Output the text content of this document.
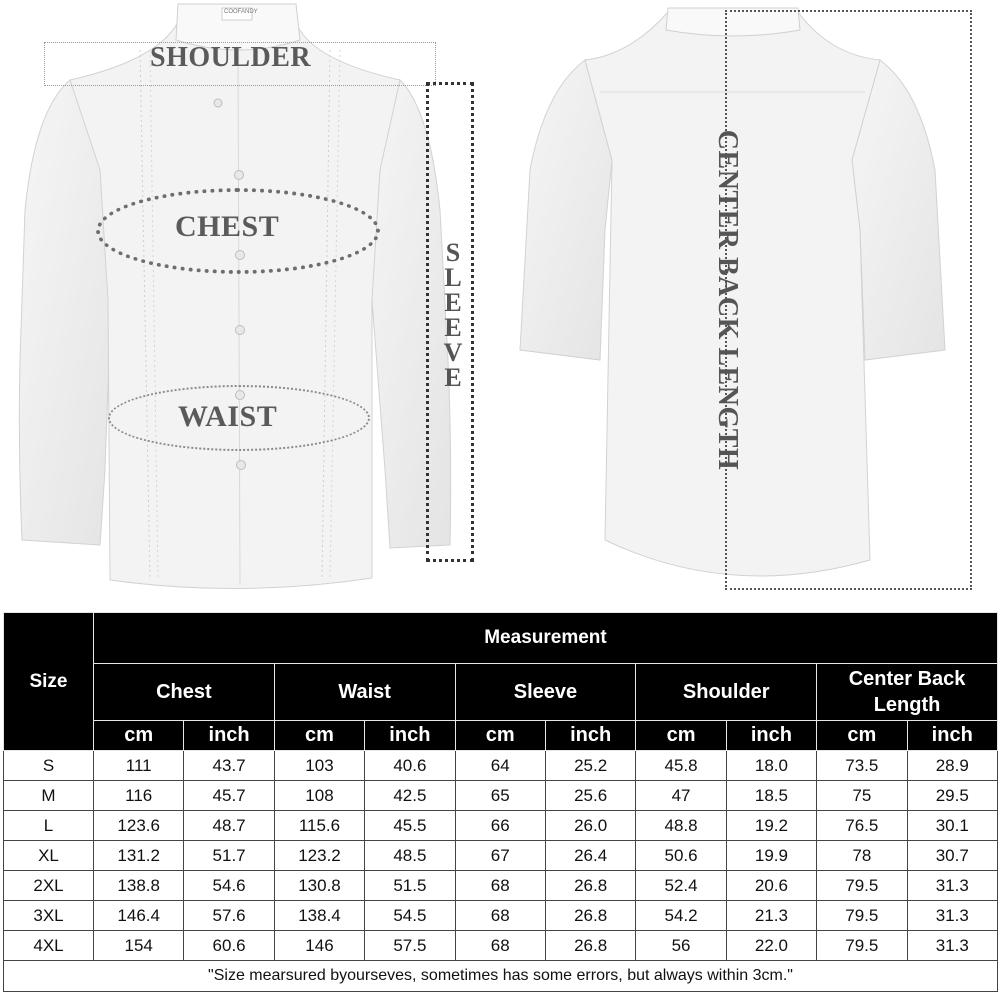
COOFANDY
SHOULDER
CHEST
WAIST
SLEEVE	CENTER BACK LENGTH
Size	Measurement									
	Chest		Waist		Sleeve		Shoulder		Center Back Length	
	cm	inch	cm	inch	cm	inch	cm	inch	cm	inch
S	111	43.7	103	40.6	64	25.2	45.8	18.0	73.5	28.9
M	116	45.7	108	42.5	65	25.6	47	18.5	75	29.5
L	123.6	48.7	115.6	45.5	66	26.0	48.8	19.2	76.5	30.1
XL	131.2	51.7	123.2	48.5	67	26.4	50.6	19.9	78	30.7
2XL	138.8	54.6	130.8	51.5	68	26.8	52.4	20.6	79.5	31.3
3XL	146.4	57.6	138.4	54.5	68	26.8	54.2	21.3	79.5	31.3
4XL	154	60.6	146	57.5	68	26.8	56	22.0	79.5	31.3
"Size mearsured byourseves, sometimes has some errors, but always within 3cm."										
